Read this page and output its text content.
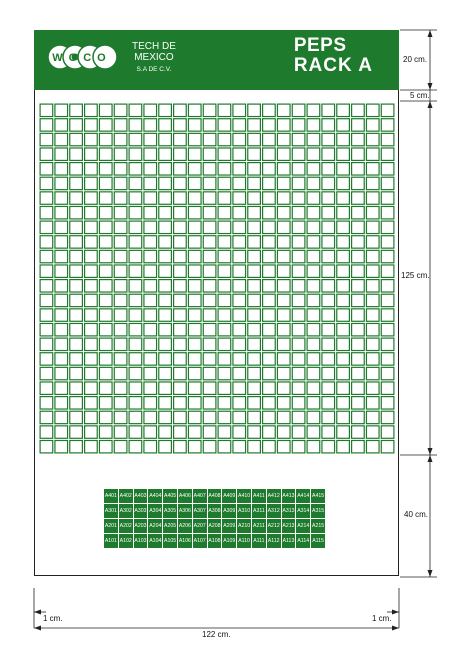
WOCO
TECH DE
MEXICO
S.A DE C.V.
PEPS
RACK A
A401	A402	A403	A404	A405	A406	A407	A408	A409	A410	A411	A412	A413	A414	A415
A301	A302	A303	A304	A305	A306	A307	A308	A309	A310	A311	A312	A313	A314	A315
A201	A202	A203	A204	A205	A206	A207	A208	A209	A210	A211	A212	A213	A214	A215
A101	A102	A103	A104	A105	A106	A107	A108	A109	A110	A111	A112	A113	A114	A115
20 cm.
5 cm.
125 cm.
40 cm.
1 cm.	1 cm.
122 cm.
